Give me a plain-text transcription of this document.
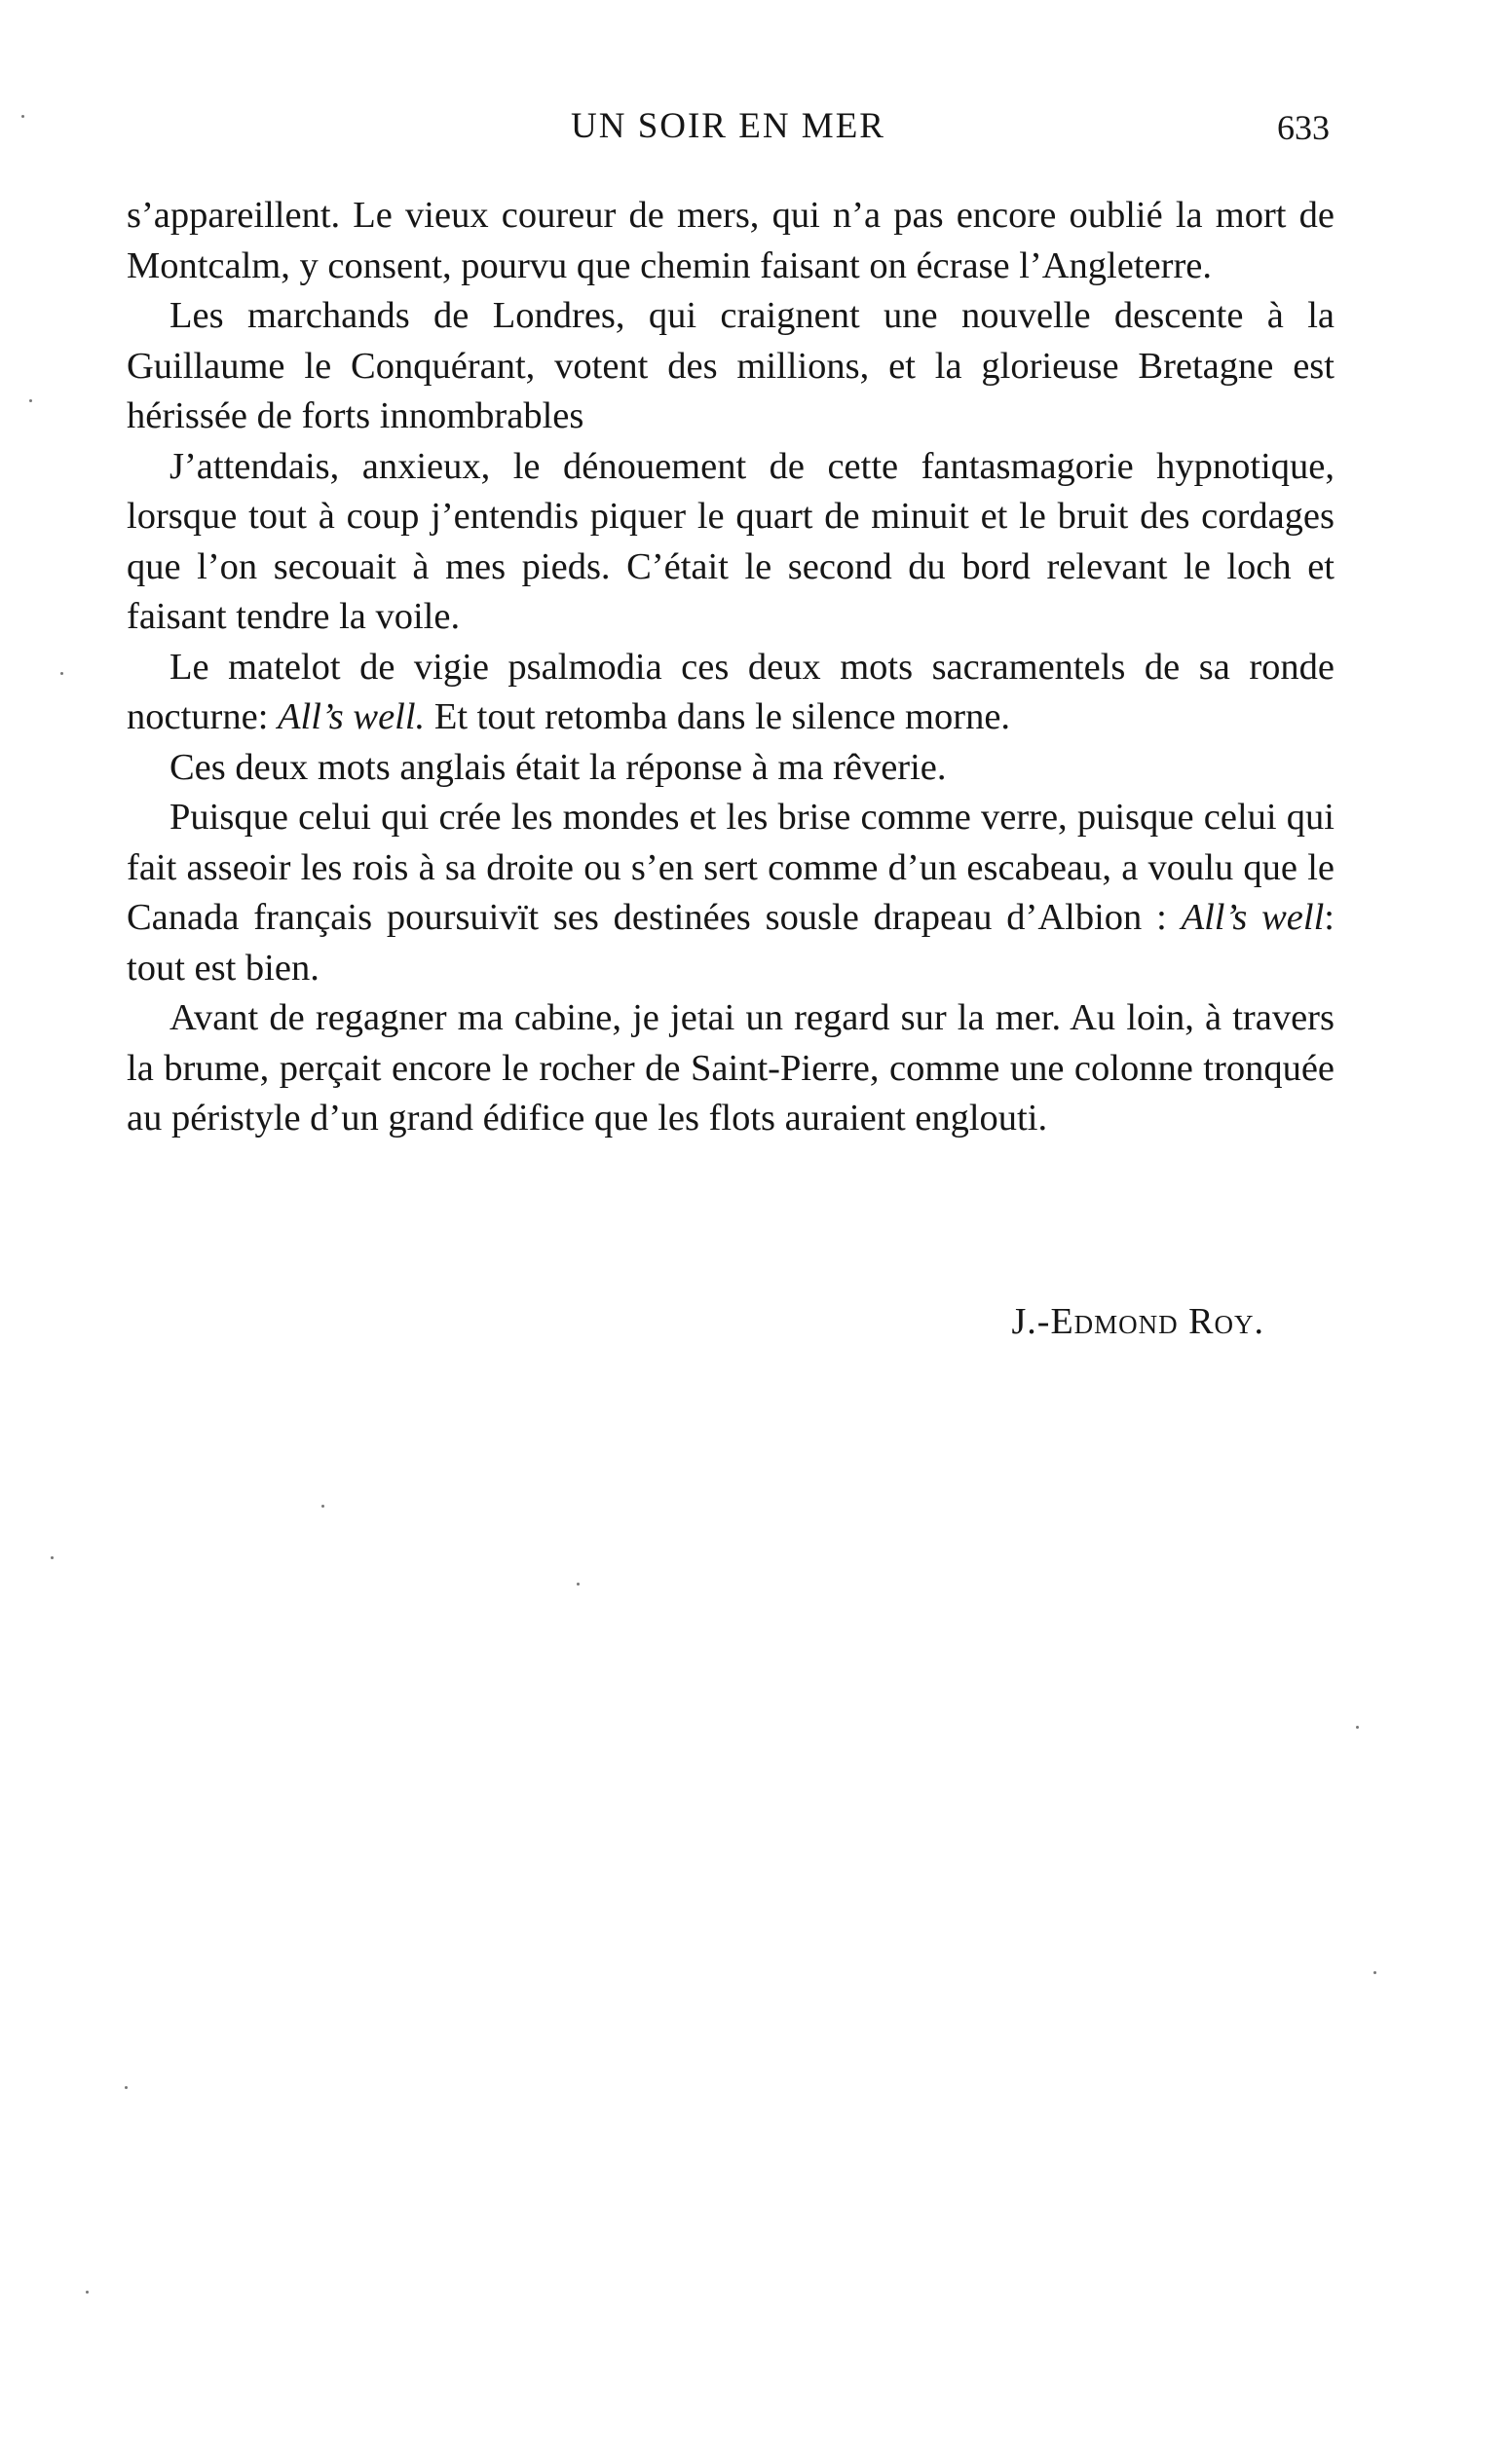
UN SOIR EN MER	633

s’appareillent. Le vieux coureur de mers, qui n’a pas encore oublié la mort de Montcalm, y consent, pourvu que chemin faisant on écrase l’Angleterre.

Les marchands de Londres, qui craignent une nouvelle descente à la Guillaume le Conquérant, votent des millions, et la glorieuse Bretagne est hérissée de forts innombrables

J’attendais, anxieux, le dénouement de cette fantasmagorie hypnotique, lorsque tout à coup j’entendis piquer le quart de minuit et le bruit des cordages que l’on secouait à mes pieds. C’était le second du bord relevant le loch et faisant tendre la voile.

Le matelot de vigie psalmodia ces deux mots sacramentels de sa ronde nocturne: All’s well. Et tout retomba dans le silence morne.

Ces deux mots anglais était la réponse à ma rêverie.

Puisque celui qui crée les mondes et les brise comme verre, puisque celui qui fait asseoir les rois à sa droite ou s’en sert comme d’un escabeau, a voulu que le Canada français poursuivït ses destinées sousle drapeau d’Albion : All’s well: tout est bien.

Avant de regagner ma cabine, je jetai un regard sur la mer. Au loin, à travers la brume, perçait encore le rocher de Saint-Pierre, comme une colonne tronquée au péristyle d’un grand édifice que les flots auraient englouti.

J.-Edmond Roy.
